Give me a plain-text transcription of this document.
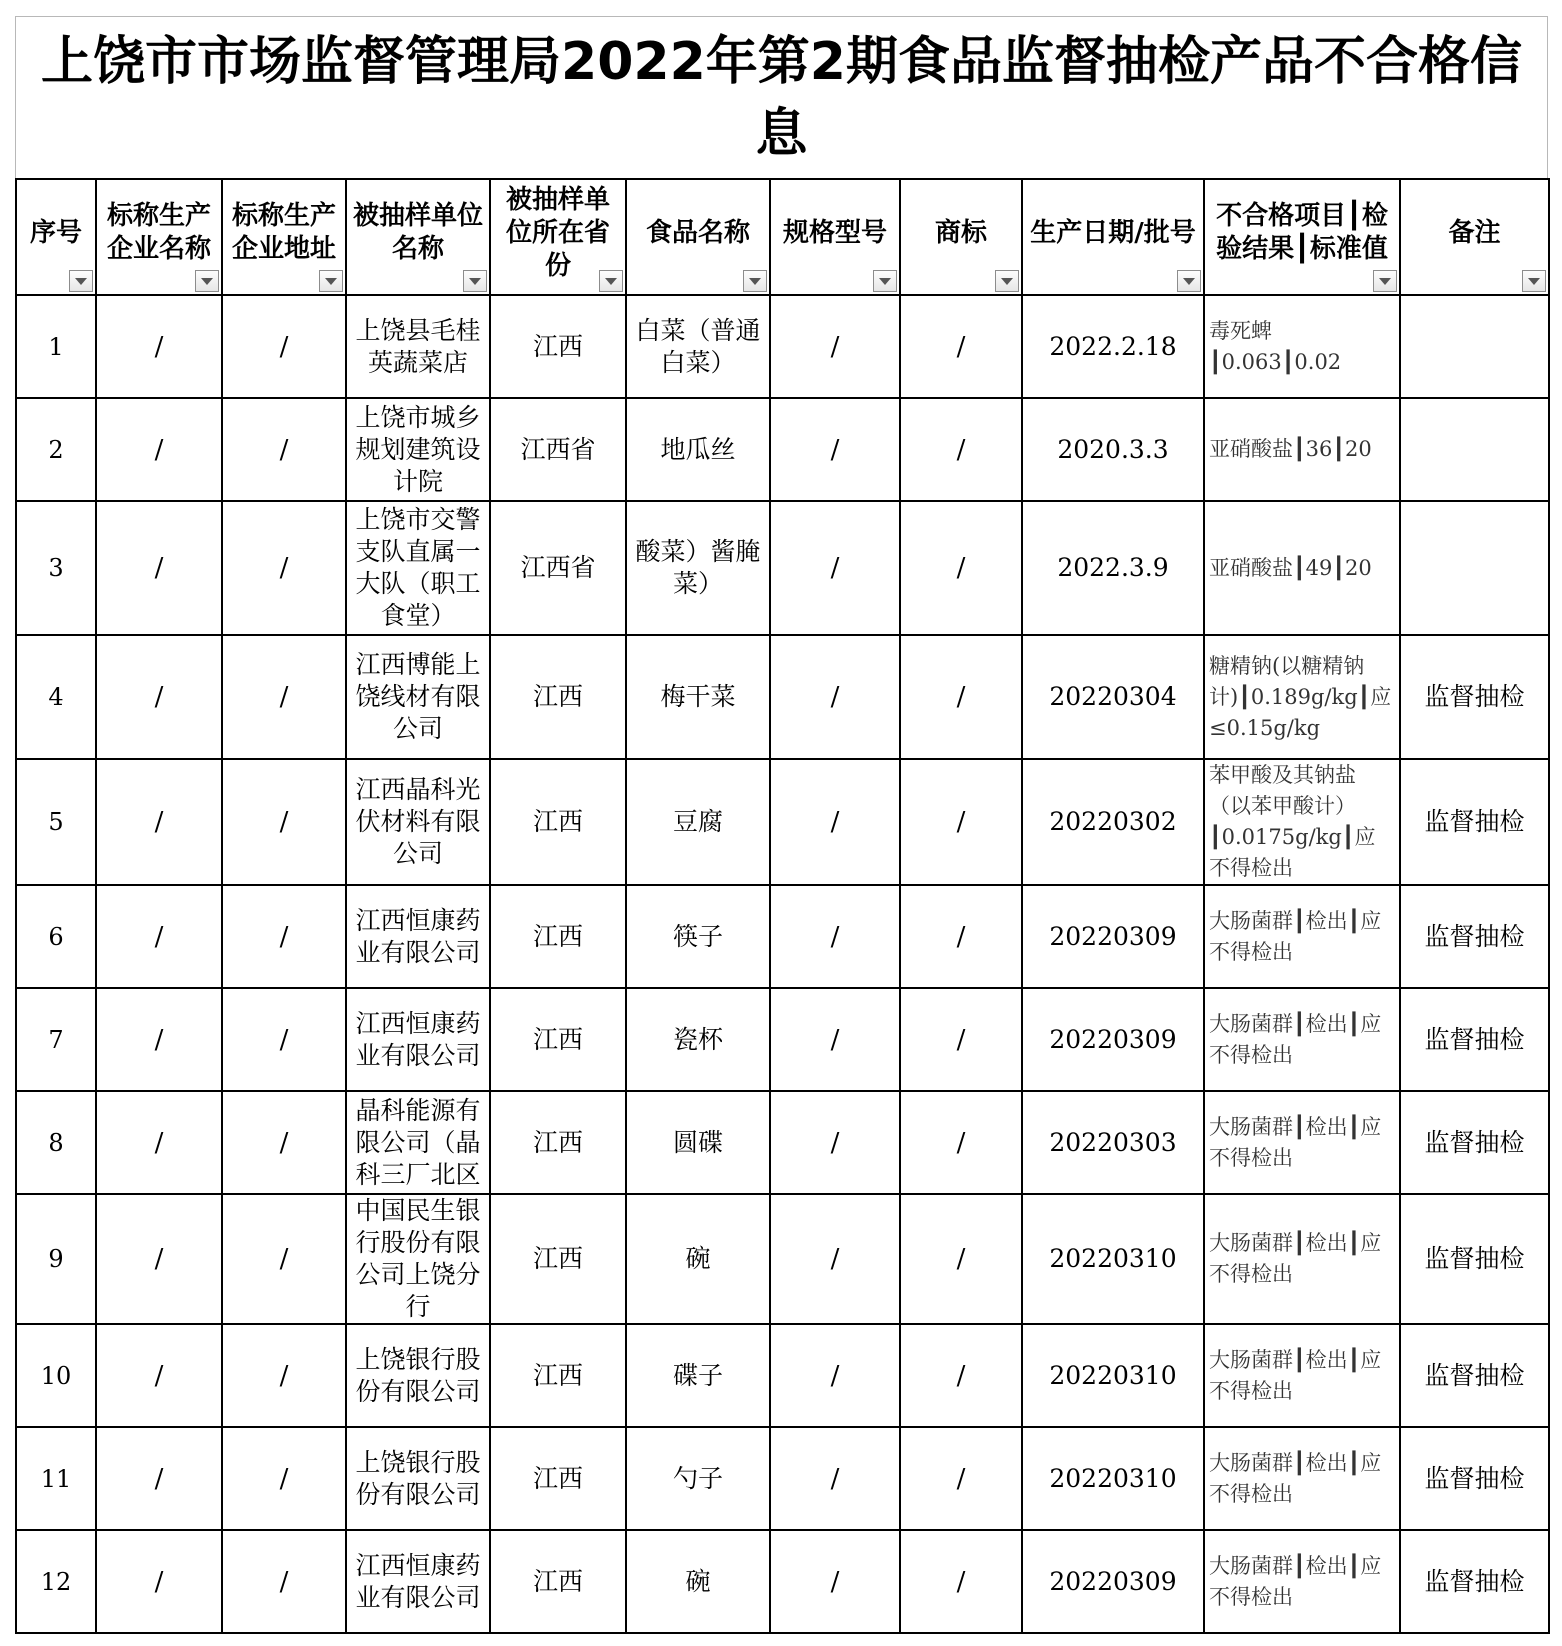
上饶市市场监督管理局2022年第2期食品监督抽检产品不合格信息
序号	标称生产企业名称	标称生产企业地址	被抽样单位名称	被抽样单位所在省份	食品名称	规格型号	商标	生产日期/批号	不合格项目┃检验结果┃标准值	备注

1	/	/	上饶县毛桂英蔬菜店	江西	白菜（普通白菜）	/	/	2022.2.18	毒死蜱┃0.063┃0.02	
2	/	/	上饶市城乡规划建筑设计院	江西省	地瓜丝	/	/	2020.3.3	亚硝酸盐┃36┃20	
3	/	/	上饶市交警支队直属一大队（职工食堂）	江西省	酸菜）酱腌菜）	/	/	2022.3.9	亚硝酸盐┃49┃20	
4	/	/	江西博能上饶线材有限公司	江西	梅干菜	/	/	20220304	糖精钠(以糖精钠计)┃0.189g/kg┃应≤0.15g/kg	监督抽检
5	/	/	江西晶科光伏材料有限公司	江西	豆腐	/	/	20220302	苯甲酸及其钠盐（以苯甲酸计）┃0.0175g/kg┃应不得检出	监督抽检
6	/	/	江西恒康药业有限公司	江西	筷子	/	/	20220309	大肠菌群┃检出┃应不得检出	监督抽检
7	/	/	江西恒康药业有限公司	江西	瓷杯	/	/	20220309	大肠菌群┃检出┃应不得检出	监督抽检
8	/	/	晶科能源有限公司（晶科三厂北区	江西	圆碟	/	/	20220303	大肠菌群┃检出┃应不得检出	监督抽检
9	/	/	中国民生银行股份有限公司上饶分行	江西	碗	/	/	20220310	大肠菌群┃检出┃应不得检出	监督抽检
10	/	/	上饶银行股份有限公司	江西	碟子	/	/	20220310	大肠菌群┃检出┃应不得检出	监督抽检
11	/	/	上饶银行股份有限公司	江西	勺子	/	/	20220310	大肠菌群┃检出┃应不得检出	监督抽检
12	/	/	江西恒康药业有限公司	江西	碗	/	/	20220309	大肠菌群┃检出┃应不得检出	监督抽检
